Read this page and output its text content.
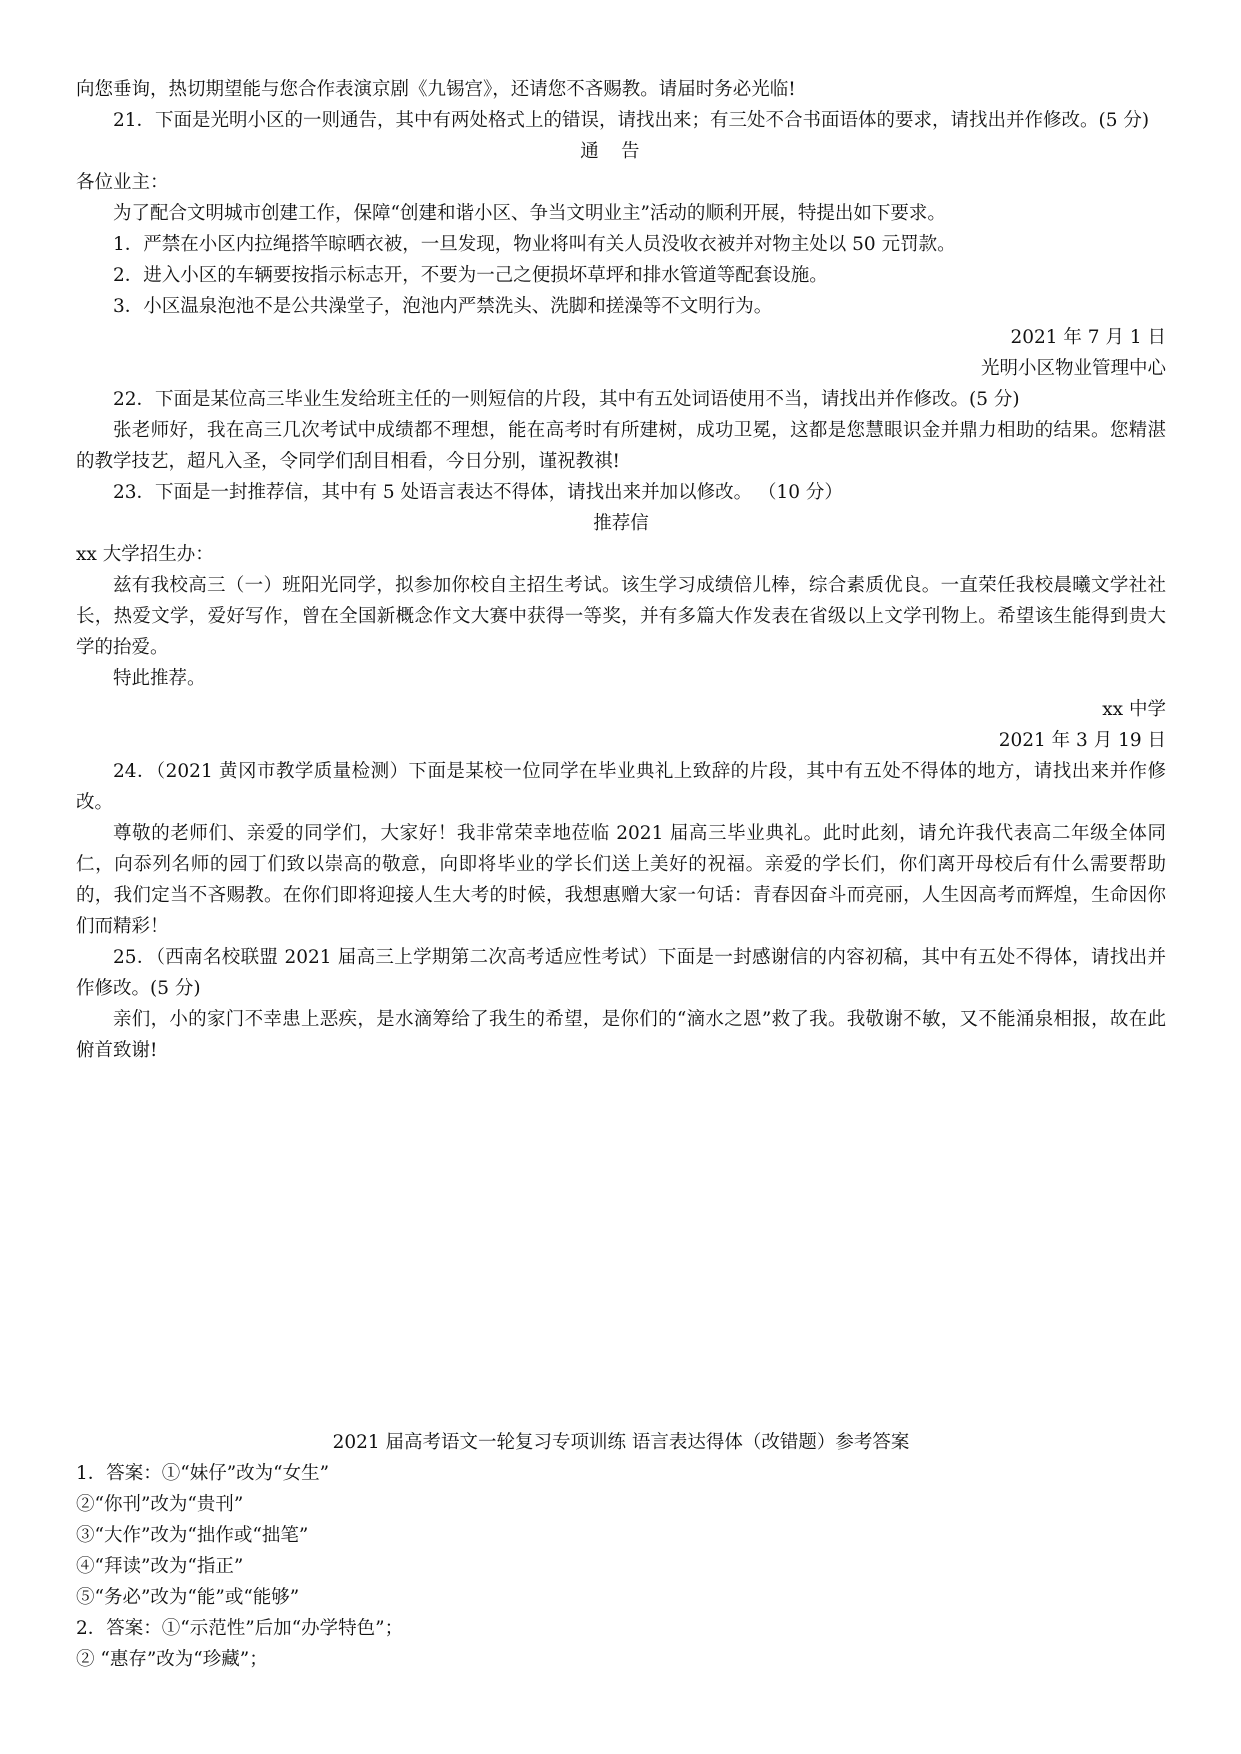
向您垂询，热切期望能与您合作表演京剧《九锡宫》，还请您不吝赐教。请届时务必光临!

21．下面是光明小区的一则通告，其中有两处格式上的错误，请找出来；有三处不合书面语体的要求，请找出并作修改。(5 分)

通告

各位业主：

为了配合文明城市创建工作，保障“创建和谐小区、争当文明业主”活动的顺利开展，特提出如下要求。

1．严禁在小区内拉绳搭竿晾晒衣被，一旦发现，物业将叫有关人员没收衣被并对物主处以 50 元罚款。

2．进入小区的车辆要按指示标志开，不要为一己之便损坏草坪和排水管道等配套设施。

3．小区温泉泡池不是公共澡堂子，泡池内严禁洗头、洗脚和搓澡等不文明行为。

2021 年 7 月 1 日

光明小区物业管理中心

22．下面是某位高三毕业生发给班主任的一则短信的片段，其中有五处词语使用不当，请找出并作修改。(5 分)

张老师好，我在高三几次考试中成绩都不理想，能在高考时有所建树，成功卫冕，这都是您慧眼识金并鼎力相助的结果。您精湛的教学技艺，超凡入圣，令同学们刮目相看，今日分别，谨祝教祺!

23．下面是一封推荐信，其中有 5 处语言表达不得体，请找出来并加以修改。 （10 分）

推荐信

xx 大学招生办：

兹有我校高三（一）班阳光同学，拟参加你校自主招生考试。该生学习成绩倍儿棒，综合素质优良。一直荣任我校晨曦文学社社长，热爱文学，爱好写作，曾在全国新概念作文大赛中获得一等奖，并有多篇大作发表在省级以上文学刊物上。希望该生能得到贵大学的抬爱。

特此推荐。

xx 中学

2021 年 3 月 19 日

24．（2021 黄冈市教学质量检测）下面是某校一位同学在毕业典礼上致辞的片段，其中有五处不得体的地方，请找出来并作修改。

尊敬的老师们、亲爱的同学们，大家好！我非常荣幸地莅临 2021 届高三毕业典礼。此时此刻，请允许我代表高二年级全体同仁，向忝列名师的园丁们致以崇高的敬意，向即将毕业的学长们送上美好的祝福。亲爱的学长们，你们离开母校后有什么需要帮助的，我们定当不吝赐教。在你们即将迎接人生大考的时候，我想惠赠大家一句话：青春因奋斗而亮丽，人生因高考而辉煌，生命因你们而精彩！

25．（西南名校联盟 2021 届高三上学期第二次高考适应性考试）下面是一封感谢信的内容初稿，其中有五处不得体，请找出并作修改。(5 分)

亲们，小的家门不幸患上恶疾，是水滴筹给了我生的希望，是你们的“滴水之恩”救了我。我敬谢不敏，又不能涌泉相报，故在此俯首致谢!

2021 届高考语文一轮复习专项训练 语言表达得体（改错题）参考答案

1．答案：①“妹仔”改为“女生”

②“你刊”改为“贵刊”

③“大作”改为“拙作或“拙笔”

④“拜读”改为“指正”

⑤“务必”改为“能”或“能够”

2．答案：①“示范性”后加“办学特色”；

② “惠存”改为“珍藏”；
